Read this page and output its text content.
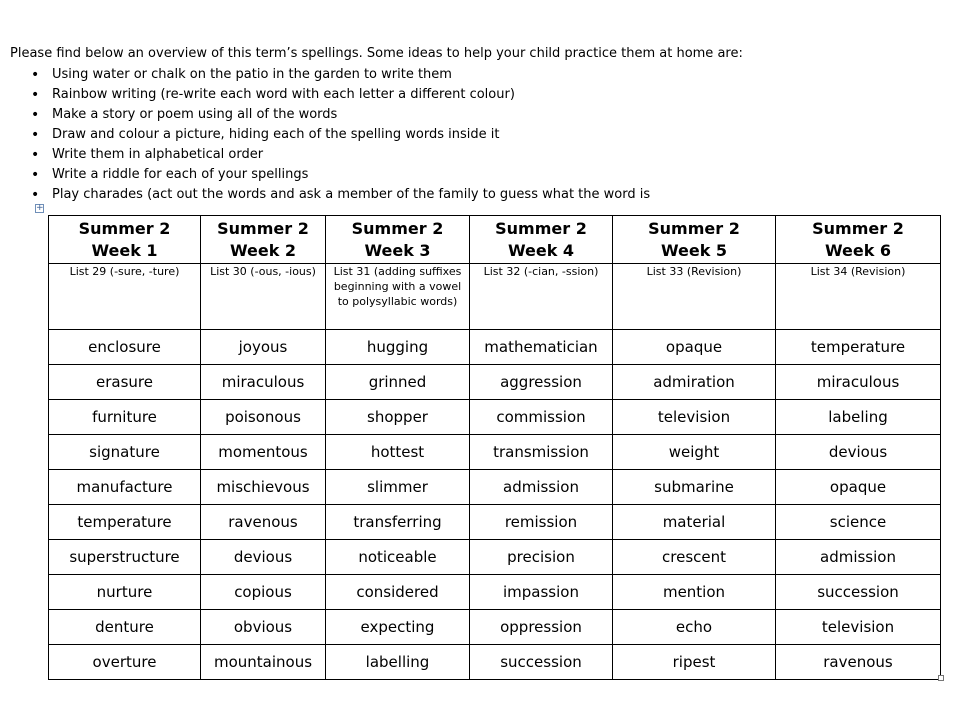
Please find below an overview of this term’s spellings. Some ideas to help your child practice them at home are:

• Using water or chalk on the patio in the garden to write them
• Rainbow writing (re-write each word with each letter a different colour)
• Make a story or poem using all of the words
• Draw and colour a picture, hiding each of the spelling words inside it
• Write them in alphabetical order
• Write a riddle for each of your spellings
• Play charades (act out the words and ask a member of the family to guess what the word is
+
Summer 2
Week 1	Summer 2
Week 2	Summer 2
Week 3	Summer 2
Week 4	Summer 2
Week 5	Summer 2
Week 6

List 29 (-sure, -ture)	List 30 (-ous, -ious)	List 31 (adding suffixes beginning with a vowel to polysyllabic words)	List 32 (-cian, -ssion)	List 33 (Revision)	List 34 (Revision)
enclosure	joyous	hugging	mathematician	opaque	temperature
erasure	miraculous	grinned	aggression	admiration	miraculous
furniture	poisonous	shopper	commission	television	labeling
signature	momentous	hottest	transmission	weight	devious
manufacture	mischievous	slimmer	admission	submarine	opaque
temperature	ravenous	transferring	remission	material	science
superstructure	devious	noticeable	precision	crescent	admission
nurture	copious	considered	impassion	mention	succession
denture	obvious	expecting	oppression	echo	television
overture	mountainous	labelling	succession	ripest	ravenous
